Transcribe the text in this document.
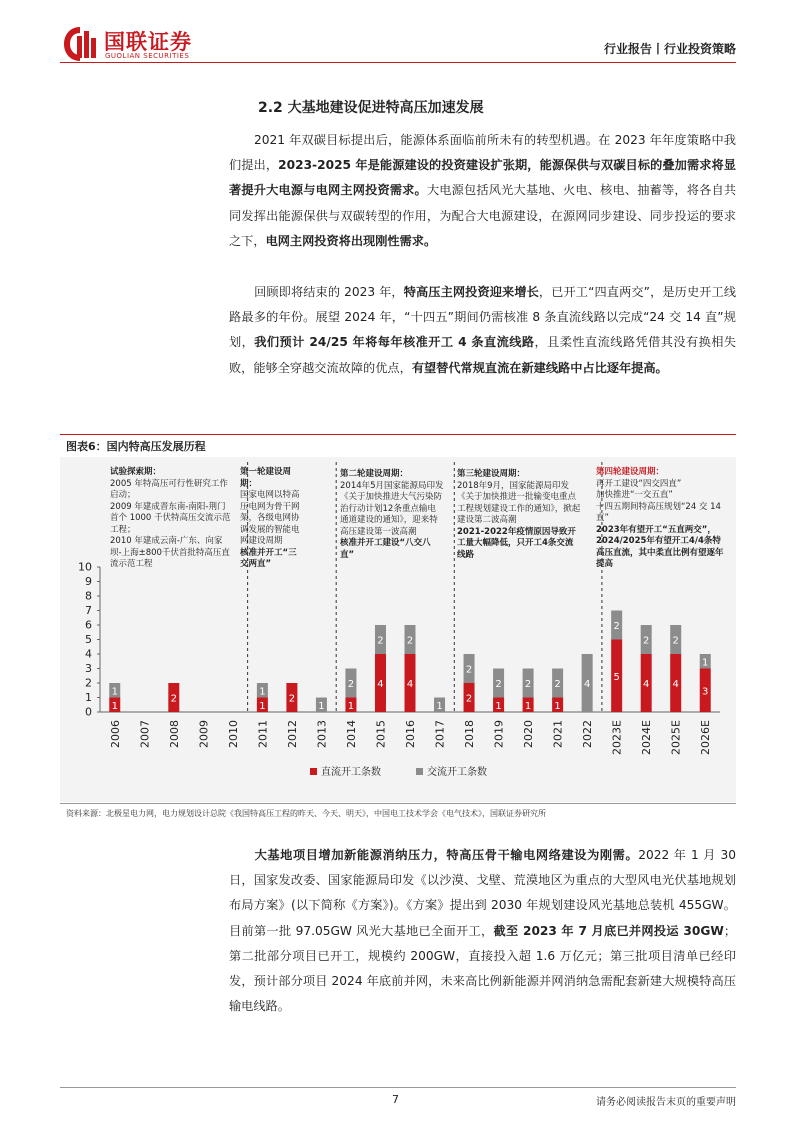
国联证券
GUOLIAN SECURITIES	行业报告丨行业投资策略
2.2 大基地建设促进特高压加速发展
2021 年双碳目标提出后，能源体系面临前所未有的转型机遇。在 2023 年年度策略中我们提出，2023-2025 年是能源建设的投资建设扩张期，能源保供与双碳目标的叠加需求将显著提升大电源与电网主网投资需求。大电源包括风光大基地、火电、核电、抽蓄等，将各自共同发挥出能源保供与双碳转型的作用，为配合大电源建设，在源网同步建设、同步投运的要求之下，电网主网投资将出现刚性需求。
回顾即将结束的 2023 年，特高压主网投资迎来增长，已开工“四直两交”，是历史开工线路最多的年份。展望 2024 年，“十四五”期间仍需核准 8 条直流线路以完成“24 交 14 直”规划，我们预计 24/25 年将每年核准开工 4 条直流线路，且柔性直流线路凭借其没有换相失败，能够全穿越交流故障的优点，有望替代常规直流在新建线路中占比逐年提高。
图表6：国内特高压发展历程
0
1
2
3
4
5
6
7
8
9
10
1
1
2006 2007
2
2008 2009 2010
1
1
2011
2
2012
1
2013
1
2
2014
4
2
2015
4
2
2016
1
2017
2
2
2018
1
2
2019
1
2
2020
1
2
2021
4
2022
5
2
2023E
4
2
2024E
4
2
2025E
3
1
2026E
直流开工条数	交流开工条数
试验探索期：
2005 年特高压可行性研究工作启动；
2009 年建成晋东南-南阳-荆门首个 1000 千伏特高压交流示范工程；
2010 年建成云南-广东、向家坝-上海±800千伏首批特高压直流示范工程
第一轮建设周期：
国家电网以特高压电网为骨干网架，各级电网协调发展的智能电网建设周期
核准并开工“三交两直”
第二轮建设周期：
2014年5月国家能源局印发《关于加快推进大气污染防治行动计划12条重点输电通道建设的通知》，迎来特高压建设第一波高潮
核准并开工建设“八交八直”
第三轮建设周期：
2018年9月，国家能源局印发《关于加快推进一批输变电重点工程规划建设工作的通知》，掀起建设第二波高潮
2021-2022年疫情原因导致开工量大幅降低，只开工4条交流线路
第四轮建设周期：
再开工建设“四交四直”
加快推进“一交五直”
十四五期间特高压规划“24 交 14 直”
2023年有望开工“五直两交”，2024/2025年有望开工4/4条特高压直流，其中柔直比例有望逐年提高
资料来源：北极星电力网，电力规划设计总院《我国特高压工程的昨天、今天、明天》，中国电工技术学会《电气技术》，国联证券研究所
大基地项目增加新能源消纳压力，特高压骨干输电网络建设为刚需。2022 年 1 月 30 日，国家发改委、国家能源局印发《以沙漠、戈壁、荒漠地区为重点的大型风电光伏基地规划布局方案》(以下简称《方案》)。《方案》提出到 2030 年规划建设风光基地总装机 455GW。目前第一批 97.05GW 风光大基地已全面开工，截至 2023 年 7 月底已并网投运 30GW；第二批部分项目已开工，规模约 200GW，直接投入超 1.6 万亿元；第三批项目清单已经印发，预计部分项目 2024 年底前并网，未来高比例新能源并网消纳急需配套新建大规模特高压输电线路。
7	请务必阅读报告末页的重要声明
